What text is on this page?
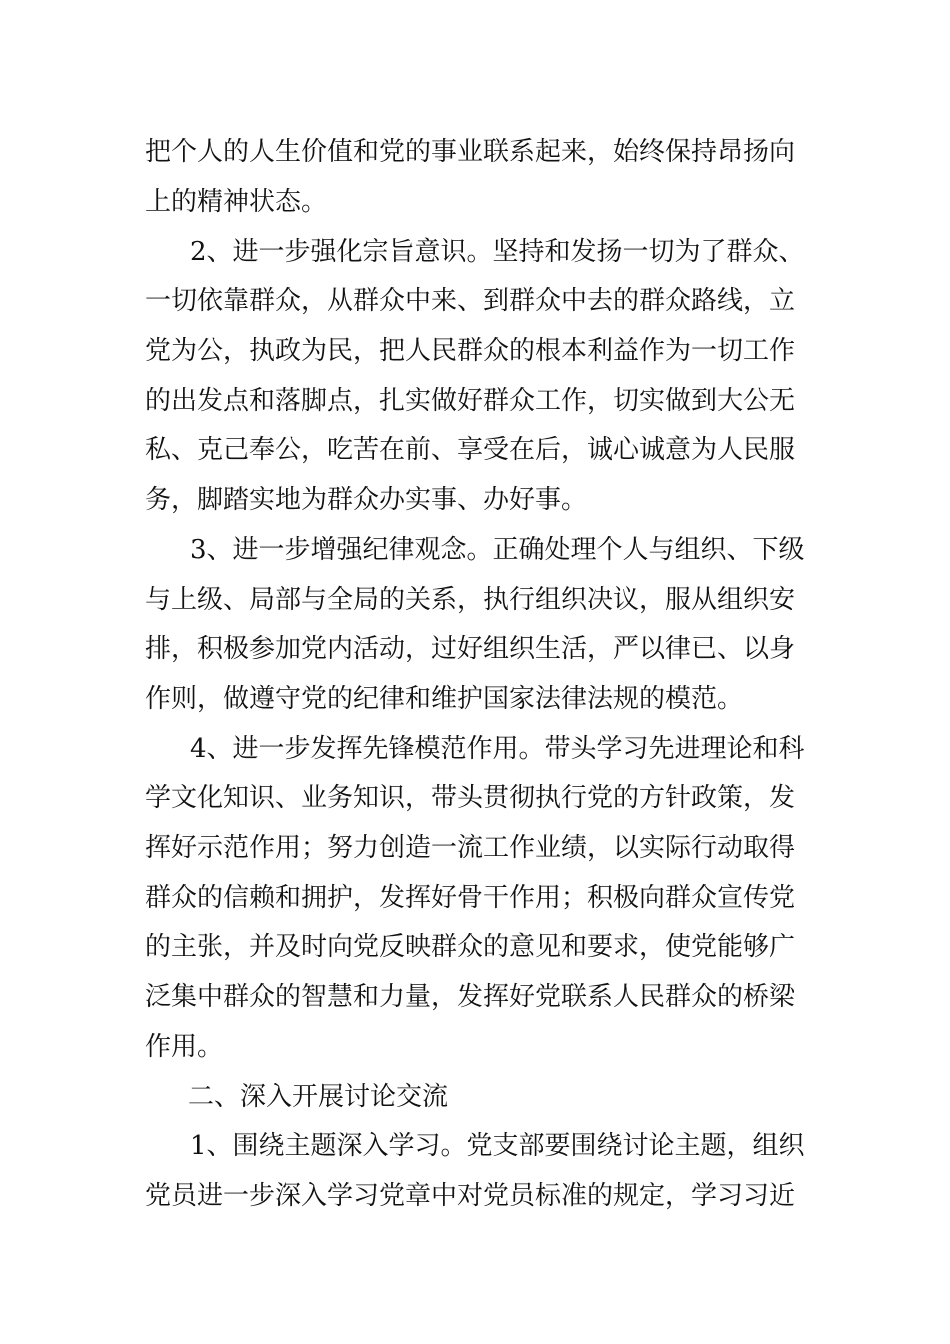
把个人的人生价值和党的事业联系起来，始终保持昂扬向
上的精神状态。
2、进一步强化宗旨意识。坚持和发扬一切为了群众、
一切依靠群众，从群众中来、到群众中去的群众路线，立
党为公，执政为民，把人民群众的根本利益作为一切工作
的出发点和落脚点，扎实做好群众工作，切实做到大公无
私、克己奉公，吃苦在前、享受在后，诚心诚意为人民服
务，脚踏实地为群众办实事、办好事。
3、进一步增强纪律观念。正确处理个人与组织、下级
与上级、局部与全局的关系，执行组织决议，服从组织安
排，积极参加党内活动，过好组织生活，严以律已、以身
作则，做遵守党的纪律和维护国家法律法规的模范。
4、进一步发挥先锋模范作用。带头学习先进理论和科
学文化知识、业务知识，带头贯彻执行党的方针政策，发
挥好示范作用；努力创造一流工作业绩，以实际行动取得
群众的信赖和拥护，发挥好骨干作用；积极向群众宣传党
的主张，并及时向党反映群众的意见和要求，使党能够广
泛集中群众的智慧和力量，发挥好党联系人民群众的桥梁
作用。
二、深入开展讨论交流
1、围绕主题深入学习。党支部要围绕讨论主题，组织
党员进一步深入学习党章中对党员标准的规定，学习习近
